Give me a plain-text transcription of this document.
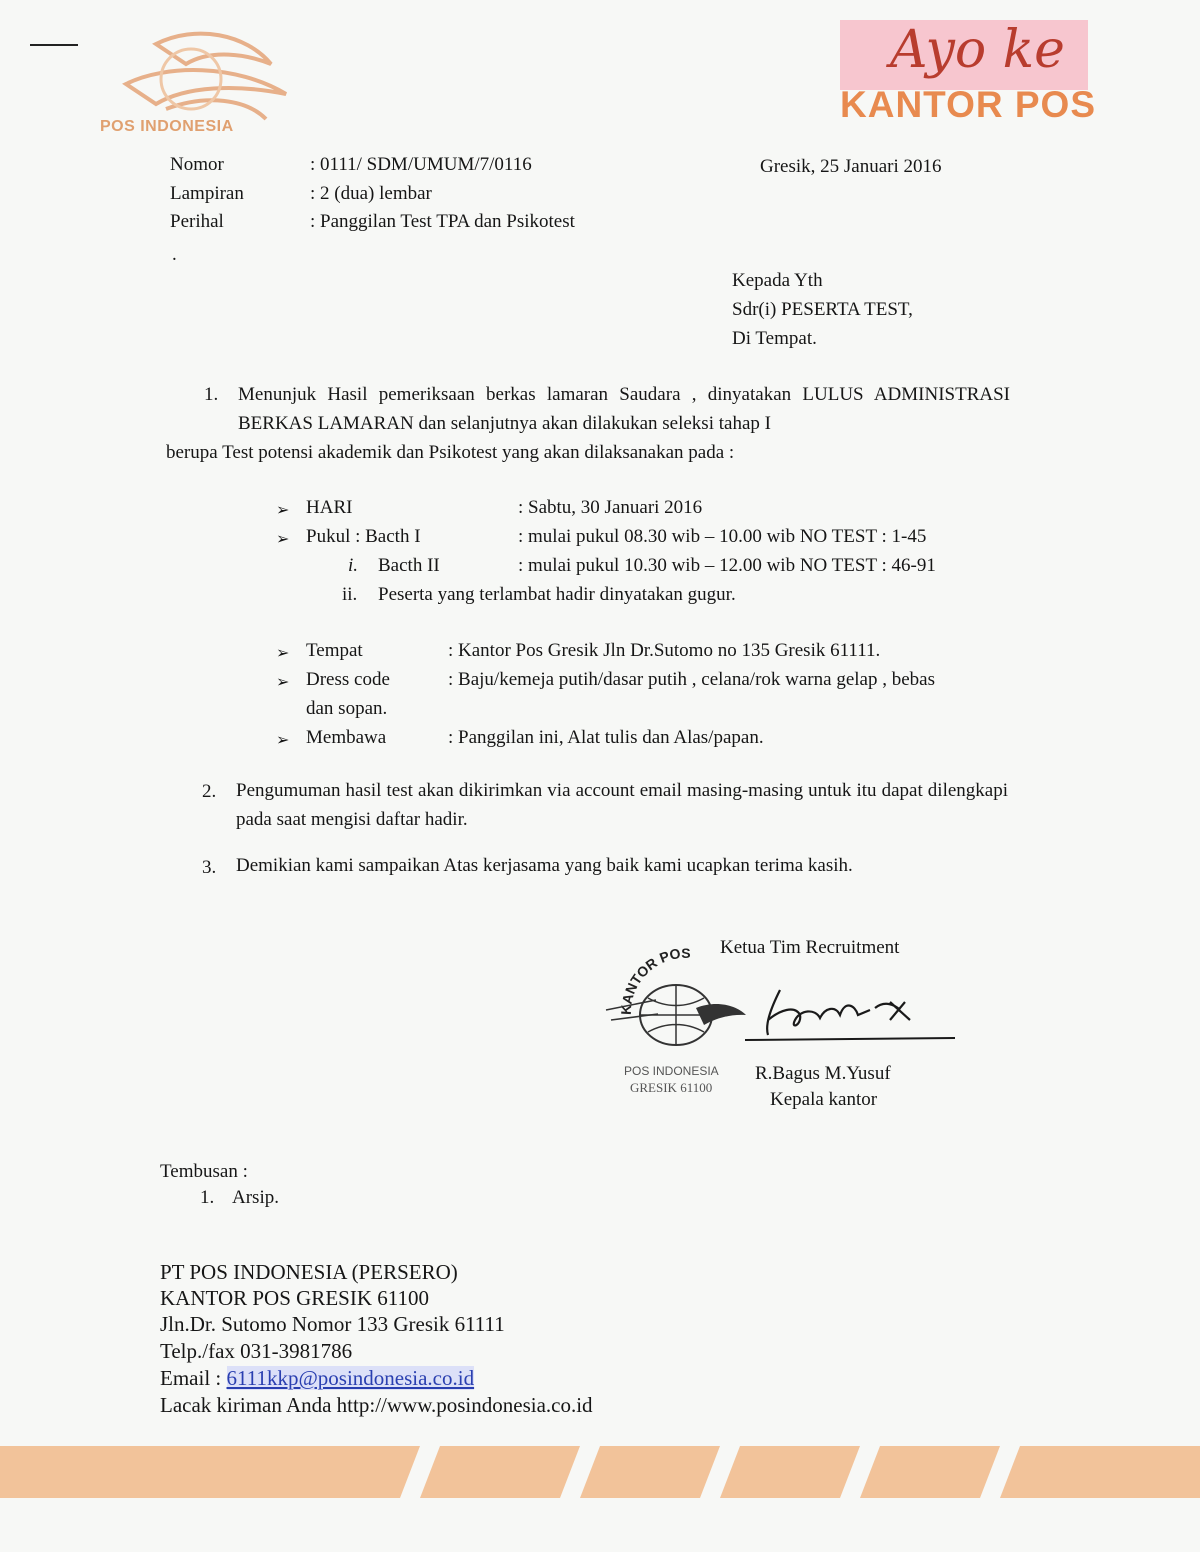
POS INDONESIA
Ayo ke
KANTOR POS
Nomor	: 0111/ SDM/UMUM/7/0116	Gresik, 25 Januari 2016
Lampiran	: 2 (dua) lembar
Perihal	: Panggilan Test TPA dan Psikotest
.
Kepada Yth
Sdr(i) PESERTA TEST,
Di Tempat.
1. Menunjuk Hasil pemeriksaan berkas lamaran Saudara , dinyatakan LULUS ADMINISTRASI BERKAS LAMARAN dan selanjutnya akan dilakukan seleksi tahap I
berupa Test potensi akademik dan Psikotest yang akan dilaksanakan pada :
➢ HARI	: Sabtu, 30 Januari 2016
➢ Pukul : Bacth I	: mulai pukul 08.30 wib – 10.00 wib NO TEST : 1-45
i. Bacth II	: mulai pukul 10.30 wib – 12.00 wib NO TEST : 46-91
ii. Peserta yang terlambat hadir dinyatakan gugur.
➢ Tempat	: Kantor Pos Gresik Jln Dr.Sutomo no 135 Gresik 61111.
➢ Dress code	: Baju/kemeja putih/dasar putih , celana/rok warna gelap , bebas
dan sopan.
➢ Membawa	: Panggilan ini, Alat tulis dan Alas/papan.
2. Pengumuman hasil test akan dikirimkan via account email masing-masing untuk itu dapat dilengkapi pada saat mengisi daftar hadir.
3. Demikian kami sampaikan Atas kerjasama yang baik kami ucapkan terima kasih.
Ketua Tim Recruitment
KANTOR POS
POS INDONESIA
GRESIK 61100
R.Bagus M.Yusuf
Kepala kantor
Tembusan :
1. Arsip.
PT POS INDONESIA (PERSERO)
KANTOR POS GRESIK 61100
Jln.Dr. Sutomo Nomor 133 Gresik 61111
Telp./fax 031-3981786
Email : 6111kkp@posindonesia.co.id
Lacak kiriman Anda http://www.posindonesia.co.id
